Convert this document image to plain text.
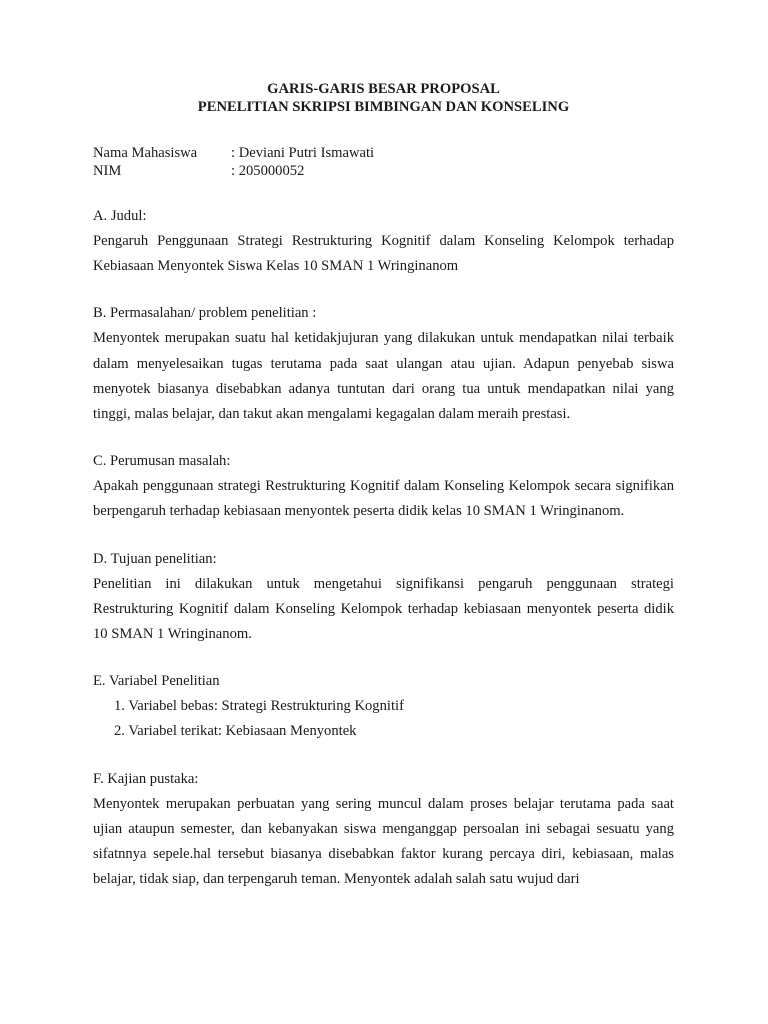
GARIS-GARIS BESAR PROPOSAL
PENELITIAN SKRIPSI BIMBINGAN DAN KONSELING
Nama Mahasiswa	: Deviani Putri Ismawati
NIM	: 205000052
A. Judul:
Pengaruh Penggunaan Strategi Restrukturing Kognitif dalam Konseling Kelompok terhadap Kebiasaan Menyontek Siswa Kelas 10 SMAN 1 Wringinanom
B. Permasalahan/ problem penelitian :
Menyontek merupakan suatu hal ketidakjujuran yang dilakukan untuk mendapatkan nilai terbaik dalam menyelesaikan tugas terutama pada saat ulangan atau ujian. Adapun penyebab siswa menyotek biasanya disebabkan adanya tuntutan dari orang tua untuk mendapatkan nilai yang tinggi, malas belajar, dan takut akan mengalami kegagalan dalam meraih prestasi.
C. Perumusan masalah:
Apakah penggunaan strategi Restrukturing Kognitif dalam Konseling Kelompok secara signifikan berpengaruh terhadap kebiasaan menyontek peserta didik kelas 10 SMAN 1 Wringinanom.
D. Tujuan penelitian:
Penelitian ini dilakukan untuk mengetahui signifikansi pengaruh penggunaan strategi Restrukturing Kognitif dalam Konseling Kelompok terhadap kebiasaan menyontek peserta didik 10 SMAN 1 Wringinanom.
E. Variabel Penelitian
1. Variabel bebas: Strategi Restrukturing Kognitif
2. Variabel terikat: Kebiasaan Menyontek
F. Kajian pustaka:
Menyontek merupakan perbuatan yang sering muncul dalam proses belajar terutama pada saat ujian ataupun semester, dan kebanyakan siswa menganggap persoalan ini sebagai sesuatu yang sifatnnya sepele.hal tersebut biasanya disebabkan faktor kurang percaya diri, kebiasaan, malas belajar, tidak siap, dan terpengaruh teman. Menyontek adalah salah satu wujud dari
